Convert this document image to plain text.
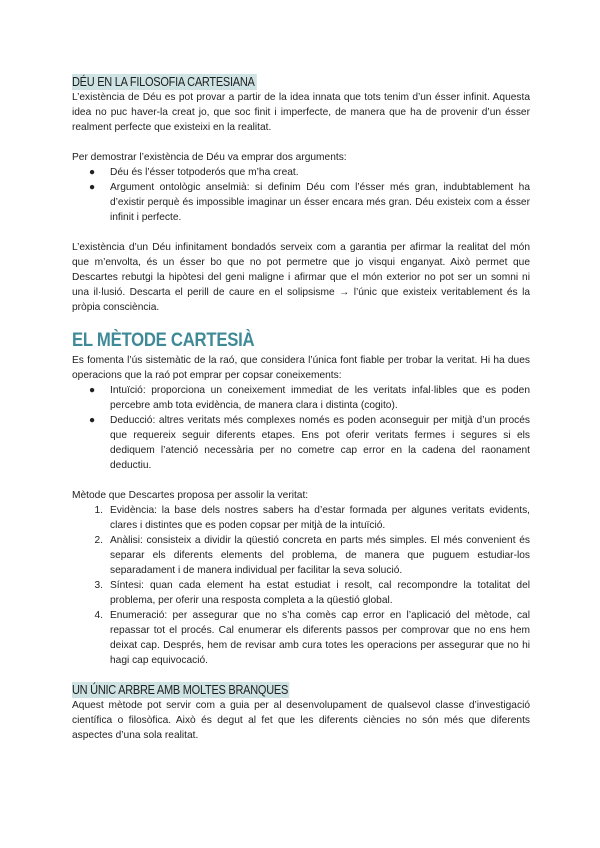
DÉU EN LA FILOSOFIA CARTESIANA

L’existència de Déu es pot provar a partir de la idea innata que tots tenim d’un ésser infinit. Aquesta idea no puc haver-la creat jo, que soc finit i imperfecte, de manera que ha de provenir d’un ésser realment perfecte que existeixi en la realitat.

Per demostrar l’existència de Déu va emprar dos arguments:

● Déu és l’ésser totpoderós que m’ha creat.
● Argument ontològic anselmià: si definim Déu com l’ésser més gran, indubtablement ha d’existir perquè és impossible imaginar un ésser encara més gran. Déu existeix com a ésser infinit i perfecte.

L’existència d’un Déu infinitament bondadós serveix com a garantia per afirmar la realitat del món que m’envolta, és un ésser bo que no pot permetre que jo visqui enganyat. Això permet que Descartes rebutgi la hipòtesi del geni maligne i afirmar que el món exterior no pot ser un somni ni una il·lusió. Descarta el perill de caure en el solipsisme → l’únic que existeix veritablement és la pròpia consciència.

EL MÈTODE CARTESIÀ

Es fomenta l’ús sistemàtic de la raó, que considera l’única font fiable per trobar la veritat. Hi ha dues operacions que la raó pot emprar per copsar coneixements:

● Intuïció: proporciona un coneixement immediat de les veritats infal·libles que es poden percebre amb tota evidència, de manera clara i distinta (cogito).
● Deducció: altres veritats més complexes només es poden aconseguir per mitjà d’un procés que requereix seguir diferents etapes. Ens pot oferir veritats fermes i segures si els dediquem l’atenció necessària per no cometre cap error en la cadena del raonament deductiu.

Mètode que Descartes proposa per assolir la veritat:

1. Evidència: la base dels nostres sabers ha d’estar formada per algunes veritats evidents, clares i distintes que es poden copsar per mitjà de la intuïció.
2. Anàlisi: consisteix a dividir la qüestió concreta en parts més simples. El més convenient és separar els diferents elements del problema, de manera que puguem estudiar-los separadament i de manera individual per facilitar la seva solució.
3. Síntesi: quan cada element ha estat estudiat i resolt, cal recompondre la totalitat del problema, per oferir una resposta completa a la qüestió global.
4. Enumeració: per assegurar que no s’ha comès cap error en l’aplicació del mètode, cal repassar tot el procés. Cal enumerar els diferents passos per comprovar que no ens hem deixat cap. Després, hem de revisar amb cura totes les operacions per assegurar que no hi hagi cap equivocació.
UN ÚNIC ARBRE AMB MOLTES BRANQUES

Aquest mètode pot servir com a guia per al desenvolupament de qualsevol classe d’investigació científica o filosòfica. Això és degut al fet que les diferents ciències no són més que diferents aspectes d’una sola realitat.
